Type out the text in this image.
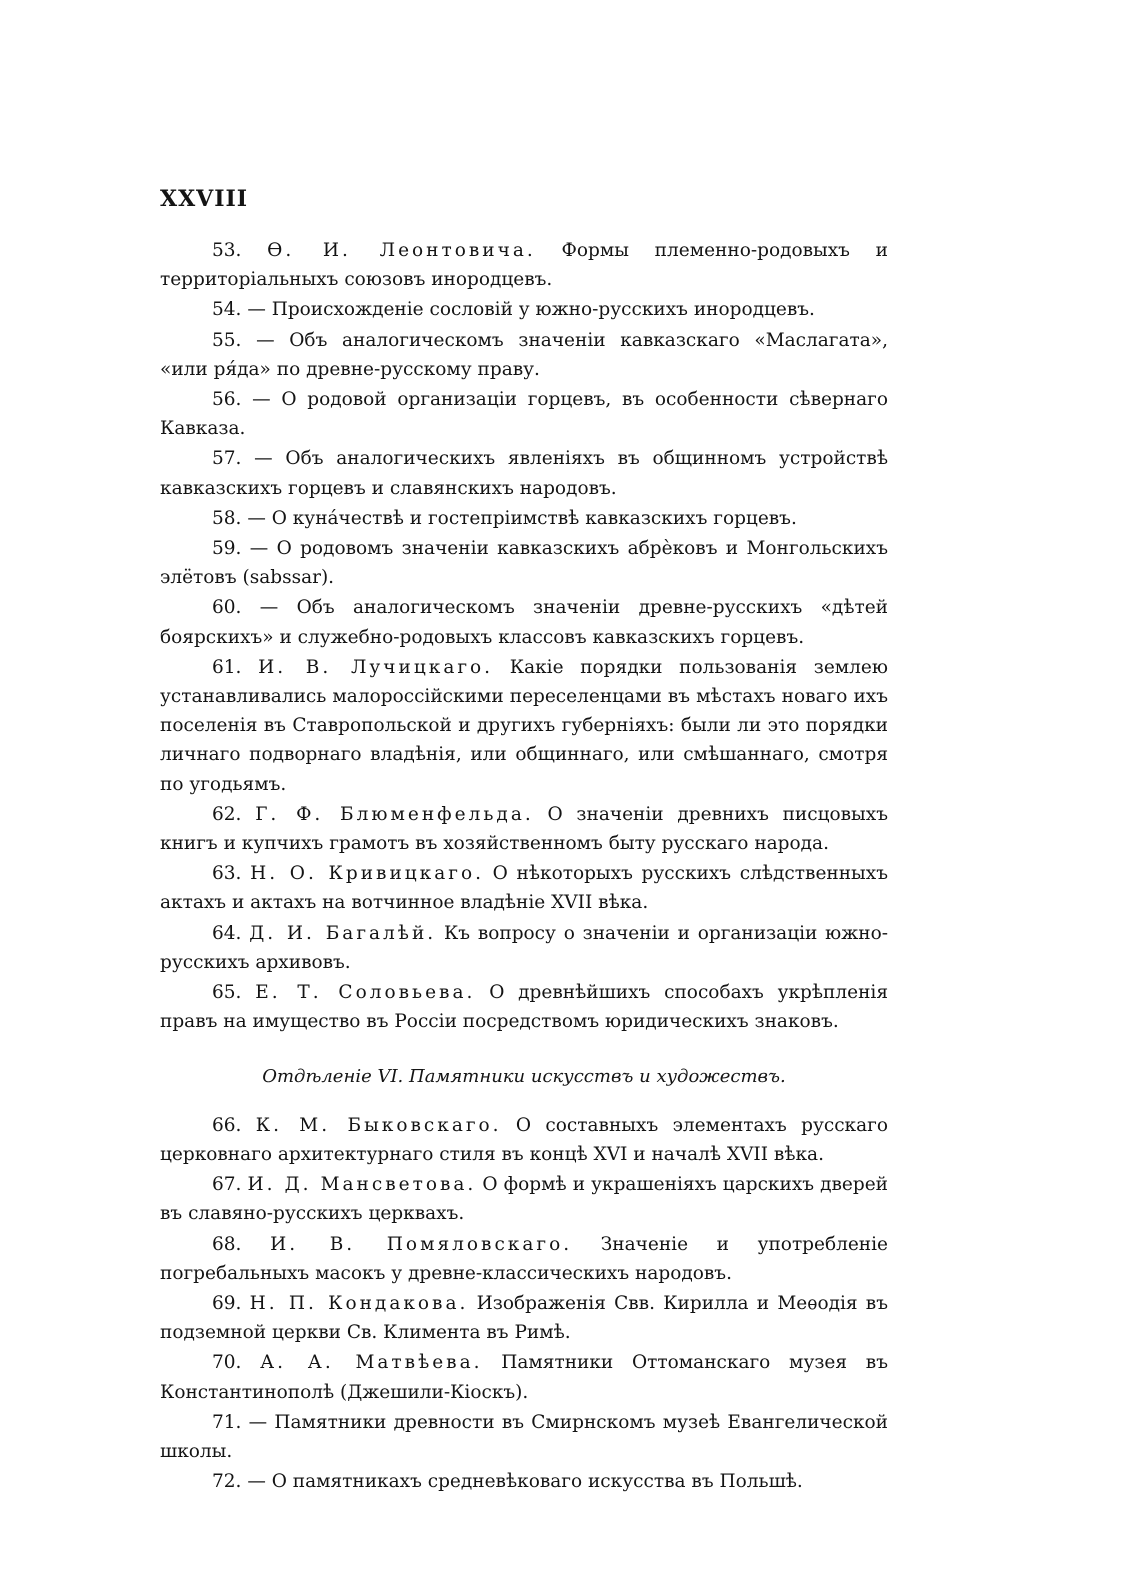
XXVIII

53. Ѳ. И. Леонтовича. Формы племенно-родовыхъ и территоріальныхъ союзовъ инородцевъ.

54. — Происхожденіе сословій у южно-русскихъ инородцевъ.

55. — Объ аналогическомъ значеніи кавказскаго «Маслагата», «или ря́да» по древне-русскому праву.

56. — О родовой организаціи горцевъ, въ особенности сѣвернаго Кавказа.

57. — Объ аналогическихъ явленіяхъ въ общинномъ устройствѣ кавказскихъ горцевъ и славянскихъ народовъ.

58. — О кунáчествѣ и гостепріимствѣ кавказскихъ горцевъ.

59. — О родовомъ значеніи кавказскихъ абрѐковъ и Монгольскихъ элётовъ (sabssar).

60. — Объ аналогическомъ значеніи древне-русскихъ «дѣтей боярскихъ» и служебно-родовыхъ классовъ кавказскихъ горцевъ.

61. И. В. Лучицкаго. Какіе порядки пользованія землею устанавливались малороссійскими переселенцами въ мѣстахъ новаго ихъ поселенія въ Ставропольской и другихъ губерніяхъ: были ли это порядки личнаго подворнаго владѣнія, или общиннаго, или смѣшаннаго, смотря по угодьямъ.

62. Г. Ф. Блюменфельда. О значеніи древнихъ писцовыхъ книгъ и купчихъ грамотъ въ хозяйственномъ быту русскаго народа.

63. Н. О. Кривицкаго. О нѣкоторыхъ русскихъ слѣдственныхъ актахъ и актахъ на вотчинное владѣніе XVII вѣка.

64. Д. И. Багалѣй. Къ вопросу о значеніи и организаціи южно-русскихъ архивовъ.

65. Е. Т. Соловьева. О древнѣйшихъ способахъ укрѣпленія правъ на имущество въ Россіи посредствомъ юридическихъ знаковъ.

Отдѣленіе VI. Памятники искусствъ и художествъ.

66. К. М. Быковскаго. О составныхъ элементахъ русскаго церковнаго архитектурнаго стиля въ концѣ XVI и началѣ XVII вѣка.

67. И. Д. Мансветова. О формѣ и украшеніяхъ царскихъ дверей въ славяно-русскихъ церквахъ.

68. И. В. Помяловскаго. Значеніе и употребленіе погребальныхъ масокъ у древне-классическихъ народовъ.

69. Н. П. Кондакова. Изображенія Свв. Кирилла и Меѳодія въ подземной церкви Св. Климента въ Римѣ.

70. А. А. Матвѣева. Памятники Оттоманскаго музея въ Константинополѣ (Джешили-Кіоскъ).

71. — Памятники древности въ Смирнскомъ музеѣ Евангелической школы.

72. — О памятникахъ средневѣковаго искусства въ Польшѣ.
